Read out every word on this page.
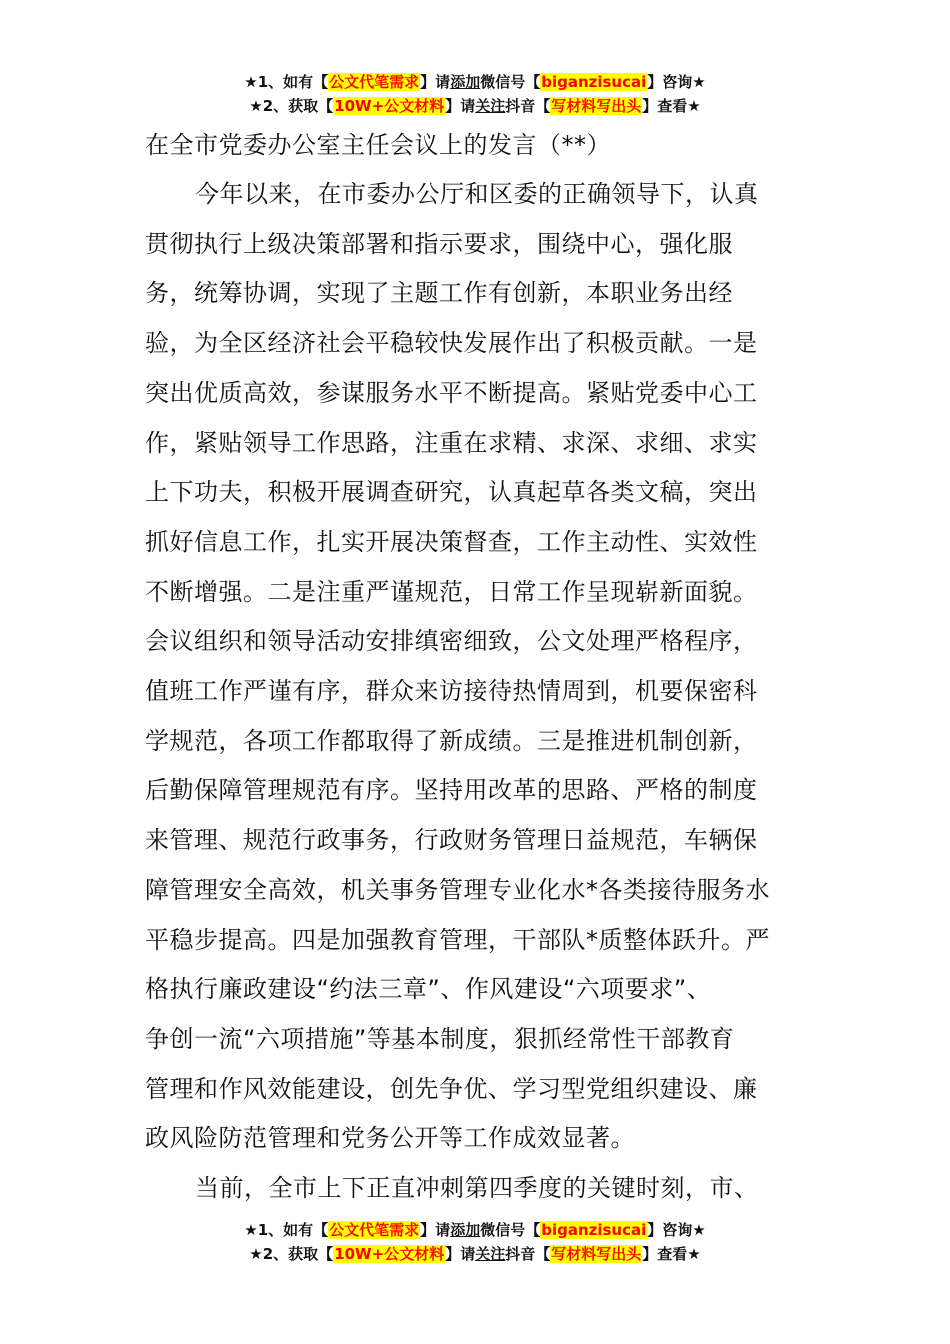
★1、如有【公文代笔需求】请添加微信号【biganzisucai】咨询★
★2、获取【10W+公文材料】请关注抖音【写材料写出头】查看★

在全市党委办公室主任会议上的发言（**）

今年以来，在市委办公厅和区委的正确领导下，认真
贯彻执行上级决策部署和指示要求，围绕中心，强化服
务，统筹协调，实现了主题工作有创新，本职业务出经
验，为全区经济社会平稳较快发展作出了积极贡献。一是
突出优质高效，参谋服务水平不断提高。紧贴党委中心工
作，紧贴领导工作思路，注重在求精、求深、求细、求实
上下功夫，积极开展调查研究，认真起草各类文稿，突出
抓好信息工作，扎实开展决策督查，工作主动性、实效性
不断增强。二是注重严谨规范，日常工作呈现崭新面貌。
会议组织和领导活动安排缜密细致，公文处理严格程序，
值班工作严谨有序，群众来访接待热情周到，机要保密科
学规范，各项工作都取得了新成绩。三是推进机制创新，
后勤保障管理规范有序。坚持用改革的思路、严格的制度
来管理、规范行政事务，行政财务管理日益规范，车辆保
障管理安全高效，机关事务管理专业化水*各类接待服务水
平稳步提高。四是加强教育管理，干部队*质整体跃升。严
格执行廉政建设“约法三章”、作风建设“六项要求”、
争创一流“六项措施”等基本制度，狠抓经常性干部教育
管理和作风效能建设，创先争优、学习型党组织建设、廉
政风险防范管理和党务公开等工作成效显著。

当前，全市上下正直冲刺第四季度的关键时刻，市、

★1、如有【公文代笔需求】请添加微信号【biganzisucai】咨询★
★2、获取【10W+公文材料】请关注抖音【写材料写出头】查看★
